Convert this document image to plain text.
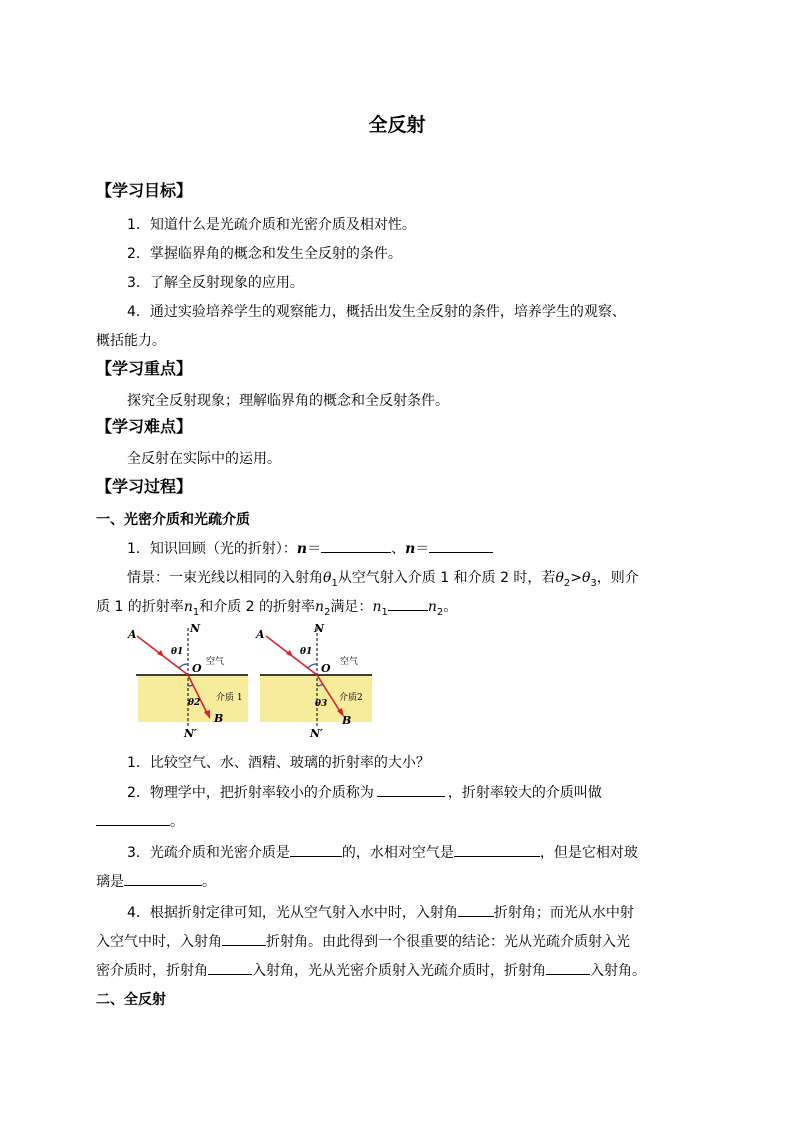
全反射
【学习目标】
1．知道什么是光疏介质和光密介质及相对性。
2．掌握临界角的概念和发生全反射的条件。
3．了解全反射现象的应用。
4．通过实验培养学生的观察能力，概括出发生全反射的条件，培养学生的观察、
概括能力。
【学习重点】
探究全反射现象；理解临界角的概念和全反射条件。
【学习难点】
全反射在实际中的运用。
【学习过程】
一、光密介质和光疏介质
1．知识回顾（光的折射）：n＝	、n＝
情景：一束光线以相同的入射角$\theta_1$从空气射入介质 1 和介质 2 时，若$\theta_2>\theta_3$，则介
质 1 的折射率$n_1$和介质 2 的折射率$n_2$满足：$n_1$	$n_2$。
A	N
θ1
O 空气
θ2 介质 1
B
N′
A	N
θ1
O 空气
θ3
介质2
B
N′
1．比较空气、水、酒精、玻璃的折射率的大小？
2．物理学中，把折射率较小的介质称为	，折射率较大的介质叫做
。
3．光疏介质和光密介质是	的，水相对空气是	，但是它相对玻
璃是	。
4．根据折射定律可知，光从空气射入水中时，入射角	折射角；而光从水中射
入空气中时，入射角	折射角。由此得到一个很重要的结论：光从光疏介质射入光
密介质时，折射角	入射角，光从光密介质射入光疏介质时，折射角	入射角。
二、全反射
